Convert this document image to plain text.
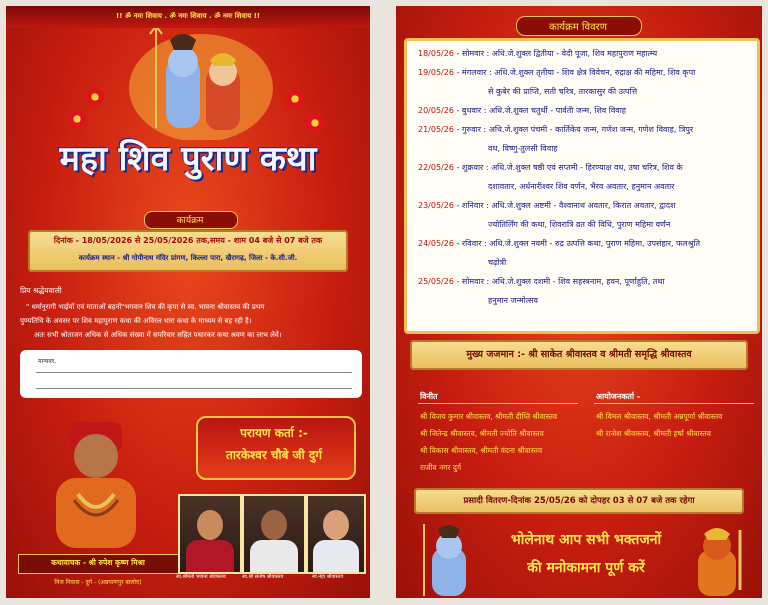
!! ॐ नमः शिवाय . ॐ नमः शिवाय . ॐ नमः शिवाय !!
महा शिव पुराण कथा
कार्यक्रम
दिनांक - 18/05/2026 से 25/05/2026 तक,समय - शाम 04 बजे से 07 बजे तक
कार्यक्रम स्थान - श्री गोपीनाथ मंदिर प्रांगण, किल्ला पारा, खैरागढ़, जिला - के.सी.जी.
प्रिय श्रद्धेयवाली
" धर्मानुरागी भाईयों एवं माताओं बहनों"भगवान शिव की कृपा से स्व. भावना श्रीवास्तव की प्रथम
पुण्यतिथि के अवसर पर शिव महापुराण कथा की अविरल धारा कथा के माध्यम से बह रही है।
अतः सभी श्रोताजन अधिक से अधिक संख्या में सपरिवार सहित पधारकर कथा श्रवण का लाभ लेवें।
मान्यवर,
कथावाचक - श्री रुपेश कृष्ण मिश्रा
निज निवास - दुर्ग - (अन्नपाणपुर बालोद)
परायण कर्ता :-
तारकेश्वर चौबे जी दुर्ग
स्व.श्रीमती भावना श्रीवास्तव	स्व.श्री संतोष श्रीवास्तव	स्व.नेहा श्रीवास्तव
कार्यक्रम विवरण
18/05/26 - सोमवार : अधि.जे.शुक्ल द्वितीया - वेदी पूजा, शिव महापुराण महात्म्य
19/05/26 - मंगलवार : अधि.जे.शुक्ल तृतीया - शिव क्षेत्र विवेचन, रुद्राक्ष की महिमा, शिव कृपा
से कुबेर की प्राप्ति, सती चरित्र, तारकासुर की उत्पत्ति
20/05/26 - बुधवार : अधि.जे.शुक्ल चतुर्थी - पार्वती जन्म, शिव विवाह
21/05/26 - गुरुवार : अधि.जे.शुक्ल पंचमी - कार्तिकेय जन्म, गणेश जन्म, गणेश विवाह, त्रिपुर
वध, विष्णु-तुलसी विवाह
22/05/26 - शुक्रवार : अधि.जे.शुक्ल षष्ठी एवं सप्तमी - हिरण्याक्ष वध, उषा चरित्र, शिव के
दशावतार, अर्धनारीश्वर शिव वर्णन, भैरव अवतार, हनुमान अवतार
23/05/26 - शनिवार : अधि.जे.शुक्ल अष्टमी - वैश्वानाथ अवतार, किरात अवतार, द्वादश
ज्योतिर्लिंग की कथा, शिवरात्रि व्रत की विधि, पुराण महिमा वर्णन
24/05/26 - रविवार : अधि.जे.शुक्ल नवमी - रुद्र उत्पत्ति कथा, पुराण महिमा, उपसंहार, फलश्रुति
चढ़ोत्री
25/05/26 - सोमवार : अधि.जे.शुक्ल दशमी - शिव सहस्त्रनाम, हवन, पूर्णाहुति, तथा
हनुमान जन्मोत्सव
मुख्य जजमान :- श्री साकेत श्रीवास्तव व श्रीमती समृद्धि श्रीवास्तव
विनीत
श्री विजय कुमार श्रीवास्तव, श्रीमती दीप्ति श्रीवास्तव
श्री जितेन्द्र श्रीवास्तव, श्रीमती ज्योति श्रीवास्तव
श्री विकास श्रीवास्तव, श्रीमती वंदना श्रीवास्तव
राजीव नगर दुर्ग
आयोजनकर्ता -
श्री विमल श्रीवास्तव, श्रीमती अन्नपूर्णा श्रीवास्तव
श्री राजेश श्रीवास्तव, श्रीमती हर्षा श्रीवास्तव
प्रसादी वितरण-दिनांक 25/05/26 को दोपहर 03 से 07 बजे तक रहेगा
भोलेनाथ आप सभी भक्तजनों
की मनोकामना पूर्ण करें
